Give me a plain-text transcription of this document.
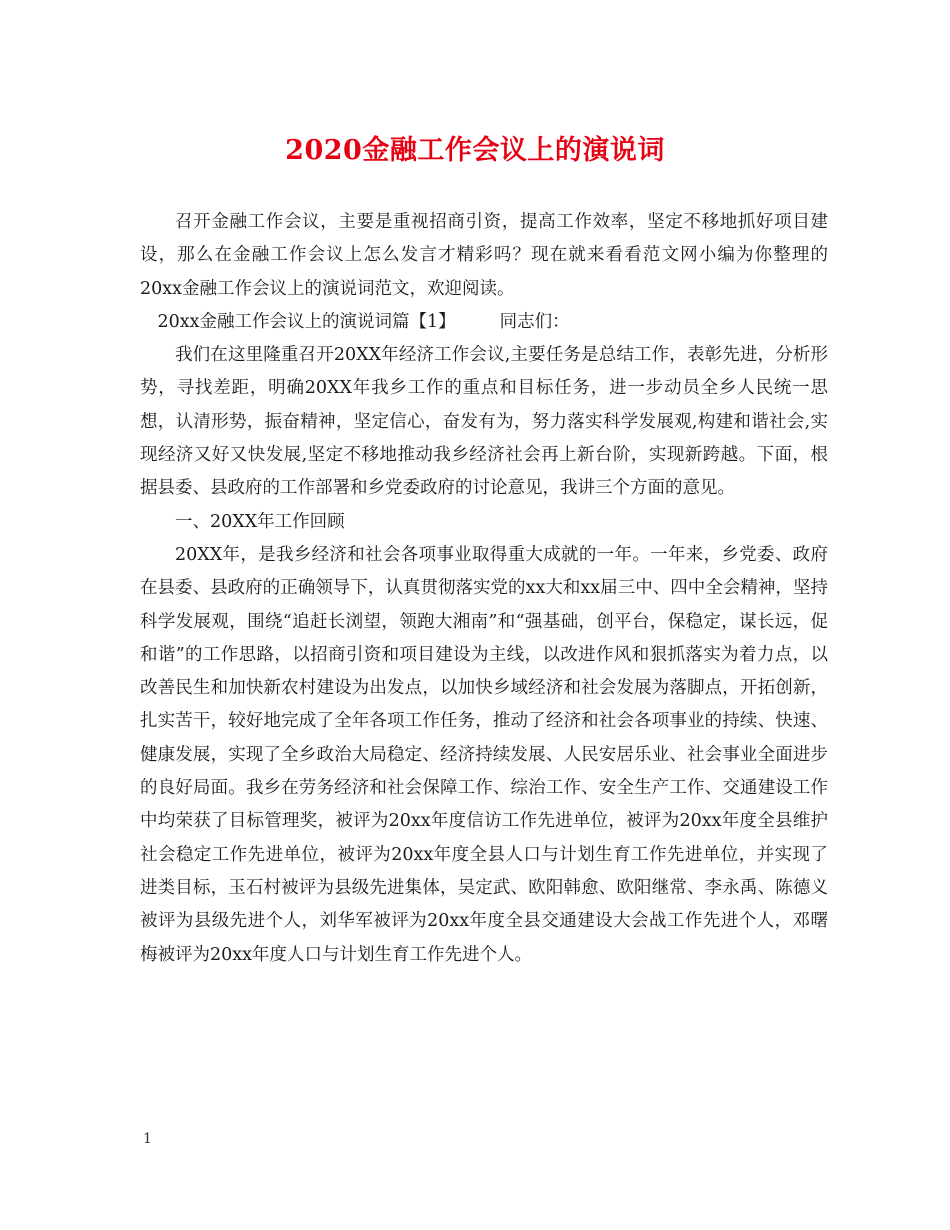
2020金融工作会议上的演说词

召开金融工作会议，主要是重视招商引资，提高工作效率，坚定不移地抓好项目建设，那么在金融工作会议上怎么发言才精彩吗？现在就来看看范文网小编为你整理的20xx金融工作会议上的演说词范文，欢迎阅读。

20xx金融工作会议上的演说词篇【1】	同志们：

我们在这里隆重召开20XX年经济工作会议,主要任务是总结工作，表彰先进，分析形势，寻找差距，明确20XX年我乡工作的重点和目标任务，进一步动员全乡人民统一思想，认清形势，振奋精神，坚定信心，奋发有为，努力落实科学发展观,构建和谐社会,实现经济又好又快发展,坚定不移地推动我乡经济社会再上新台阶，实现新跨越。下面，根据县委、县政府的工作部署和乡党委政府的讨论意见，我讲三个方面的意见。

一、20XX年工作回顾

20XX年，是我乡经济和社会各项事业取得重大成就的一年。一年来，乡党委、政府在县委、县政府的正确领导下，认真贯彻落实党的xx大和xx届三中、四中全会精神，坚持科学发展观，围绕“追赶长浏望，领跑大湘南”和“强基础，创平台，保稳定，谋长远，促和谐”的工作思路，以招商引资和项目建设为主线，以改进作风和狠抓落实为着力点，以改善民生和加快新农村建设为出发点，以加快乡域经济和社会发展为落脚点，开拓创新，扎实苦干，较好地完成了全年各项工作任务，推动了经济和社会各项事业的持续、快速、健康发展，实现了全乡政治大局稳定、经济持续发展、人民安居乐业、社会事业全面进步的良好局面。我乡在劳务经济和社会保障工作、综治工作、安全生产工作、交通建设工作中均荣获了目标管理奖，被评为20xx年度信访工作先进单位，被评为20xx年度全县维护社会稳定工作先进单位，被评为20xx年度全县人口与计划生育工作先进单位，并实现了进类目标，玉石村被评为县级先进集体，吴定武、欧阳韩愈、欧阳继常、李永禹、陈德义被评为县级先进个人，刘华军被评为20xx年度全县交通建设大会战工作先进个人，邓曙梅被评为20xx年度人口与计划生育工作先进个人。

1
